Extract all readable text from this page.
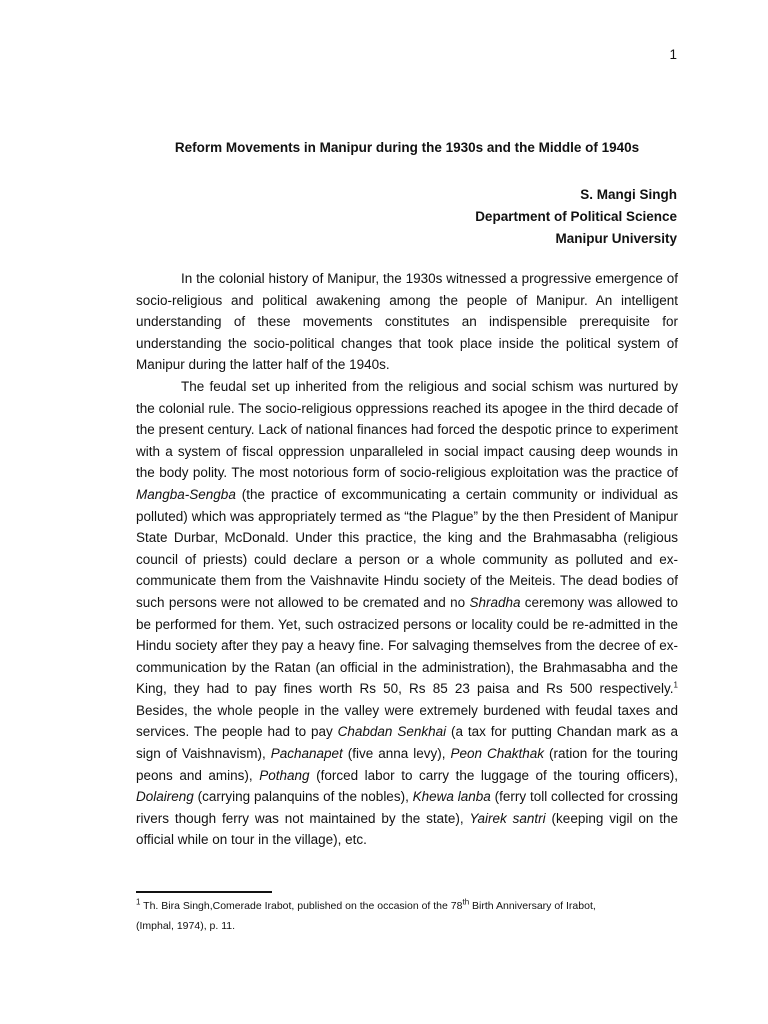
1
Reform Movements in Manipur during the 1930s and the Middle of 1940s
S. Mangi Singh
Department of Political Science
Manipur University

In the colonial history of Manipur, the 1930s witnessed a progressive emergence of socio-religious and political awakening among the people of Manipur. An intelligent understanding of these movements constitutes an indispensible prerequisite for understanding the socio-political changes that took place inside the political system of Manipur during the latter half of the 1940s.

The feudal set up inherited from the religious and social schism was nurtured by the colonial rule. The socio-religious oppressions reached its apogee in the third decade of the present century. Lack of national finances had forced the despotic prince to experiment with a system of fiscal oppression unparalleled in social impact causing deep wounds in the body polity. The most notorious form of socio-religious exploitation was the practice of Mangba-Sengba (the practice of excommunicating a certain community or individual as polluted) which was appropriately termed as “the Plague” by the then President of Manipur State Durbar, McDonald. Under this practice, the king and the Brahmasabha (religious council of priests) could declare a person or a whole community as polluted and ex-communicate them from the Vaishnavite Hindu society of the Meiteis. The dead bodies of such persons were not allowed to be cremated and no Shradha ceremony was allowed to be performed for them. Yet, such ostracized persons or locality could be re-admitted in the Hindu society after they pay a heavy fine. For salvaging themselves from the decree of ex-communication by the Ratan (an official in the administration), the Brahmasabha and the King, they had to pay fines worth Rs 50, Rs 85 23 paisa and Rs 500 respectively.$^1$ Besides, the whole people in the valley were extremely burdened with feudal taxes and services. The people had to pay Chabdan Senkhai (a tax for putting Chandan mark as a sign of Vaishnavism), Pachanapet (five anna levy), Peon Chakthak (ration for the touring peons and amins), Pothang (forced labor to carry the luggage of the touring officers), Dolaireng (carrying palanquins of the nobles), Khewa lanba (ferry toll collected for crossing rivers though ferry was not maintained by the state), Yairek santri (keeping vigil on the official while on tour in the village), etc.

$^1$ Th. Bira Singh,Comerade Irabot, published on the occasion of the 78th Birth Anniversary of Irabot,
(Imphal, 1974), p. 11.
